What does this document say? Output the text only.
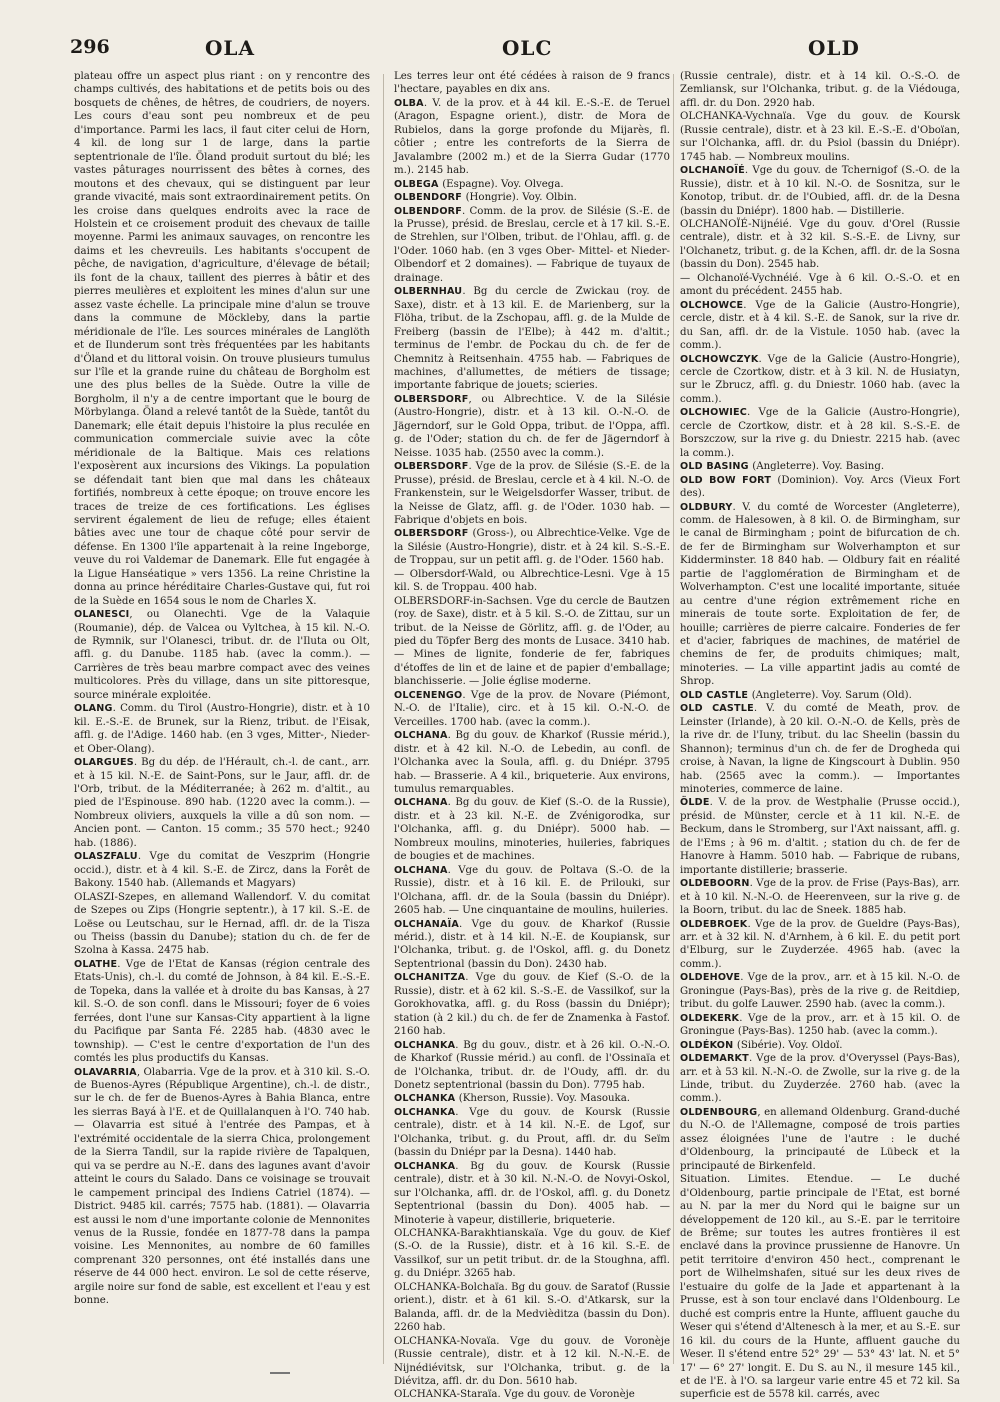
296	OLA	OLC	OLD

plateau offre un aspect plus riant : on y rencontre des champs cultivés, des habitations et de petits bois ou des bosquets de chênes, de hêtres, de coudriers, de noyers. Les cours d'eau sont peu nombreux et de peu d'importance. Parmi les lacs, il faut citer celui de Horn, 4 kil. de long sur 1 de large, dans la partie septentrionale de l'île. Öland produit surtout du blé; les vastes pâturages nourrissent des bêtes à cornes, des moutons et des chevaux, qui se distinguent par leur grande vivacité, mais sont extraordinairement petits. On les croise dans quelques endroits avec la race de Holstein et ce croisement produit des chevaux de taille moyenne. Parmi les animaux sauvages, on rencontre les daims et les chevreuils. Les habitants s'occupent de pêche, de navigation, d'agriculture, d'élevage de bétail; ils font de la chaux, taillent des pierres à bâtir et des pierres meulières et exploitent les mines d'alun sur une assez vaste échelle. La principale mine d'alun se trouve dans la commune de Möckleby, dans la partie méridionale de l'île. Les sources minérales de Langlöth et de Ilunderum sont très fréquentées par les habitants d'Öland et du littoral voisin. On trouve plusieurs tumulus sur l'île et la grande ruine du château de Borgholm est une des plus belles de la Suède. Outre la ville de Borgholm, il n'y a de centre important que le bourg de Mörbylanga. Öland a relevé tantôt de la Suède, tantôt du Danemark; elle était depuis l'histoire la plus reculée en communication commerciale suivie avec la côte méridionale de la Baltique. Mais ces relations l'exposèrent aux incursions des Vikings. La population se défendait tant bien que mal dans les châteaux fortifiés, nombreux à cette époque; on trouve encore les traces de treize de ces fortifications. Les églises servirent également de lieu de refuge; elles étaient bâties avec une tour de chaque côté pour servir de défense. En 1300 l'île appartenait à la reine Ingeborge, veuve du roi Valdemar de Danemark. Elle fut engagée à la Ligue Hanséatique » vers 1356. La reine Christine la donna au prince héréditaire Charles-Gustave qui, fut roi de la Suède en 1654 sous le nom de Charles X.

OLANESCI, ou Olanechti. Vge de la Valaquie (Roumanie), dép. de Valcea ou Vyltchea, à 15 kil. N.-O. de Rymnik, sur l'Olanesci, tribut. dr. de l'Iluta ou Olt, affl. g. du Danube. 1185 hab. (avec la comm.). — Carrières de très beau marbre compact avec des veines multicolores. Près du village, dans un site pittoresque, source minérale exploitée.

OLANG. Comm. du Tirol (Austro-Hongrie), distr. et à 10 kil. E.-S.-E. de Brunek, sur la Rienz, tribut. de l'Eisak, affl. g. de l'Adige. 1460 hab. (en 3 vges, Mitter-, Nieder- et Ober-Olang).

OLARGUES. Bg du dép. de l'Hérault, ch.-l. de cant., arr. et à 15 kil. N.-E. de Saint-Pons, sur le Jaur, affl. dr. de l'Orb, tribut. de la Méditerranée; à 262 m. d'altit., au pied de l'Espinouse. 890 hab. (1220 avec la comm.). — Nombreux oliviers, auxquels la ville a dû son nom. — Ancien pont. — Canton. 15 comm.; 35 570 hect.; 9240 hab. (1886).

OLASZFALU. Vge du comitat de Veszprim (Hongrie occid.), distr. et à 4 kil. S.-E. de Zircz, dans la Forêt de Bakony. 1540 hab. (Allemands et Magyars)

OLASZI-Szepes, en allemand Wallendorf. V. du comitat de Szepes ou Zips (Hongrie septentr.), à 17 kil. S.-E. de Loëse ou Leutschau, sur le Hernad, affl. dr. de la Tisza ou Theiss (bassin du Danube); station du ch. de fer de Szolna à Kassa. 2475 hab.

OLATHE. Vge de l'Etat de Kansas (région centrale des Etats-Unis), ch.-l. du comté de Johnson, à 84 kil. E.-S.-E. de Topeka, dans la vallée et à droite du bas Kansas, à 27 kil. S.-O. de son confl. dans le Missouri; foyer de 6 voies ferrées, dont l'une sur Kansas-City appartient à la ligne du Pacifique par Santa Fé. 2285 hab. (4830 avec le township). — C'est le centre d'exportation de l'un des comtés les plus productifs du Kansas.

OLAVARRIA, Olabarria. Vge de la prov. et à 310 kil. S.-O. de Buenos-Ayres (République Argentine), ch.-l. de distr., sur le ch. de fer de Buenos-Ayres à Bahia Blanca, entre les sierras Bayá à l'E. et de Quillalanquen à l'O. 740 hab. — Olavarria est situé à l'entrée des Pampas, et à l'extrémité occidentale de la sierra Chica, prolongement de la Sierra Tandil, sur la rapide rivière de Tapalquen, qui va se perdre au N.-E. dans des lagunes avant d'avoir atteint le cours du Salado. Dans ce voisinage se trouvait le campement principal des Indiens Catriel (1874). — District. 9485 kil. carrés; 7575 hab. (1881). — Olavarria est aussi le nom d'une importante colonie de Mennonites venus de la Russie, fondée en 1877-78 dans la pampa voisine. Les Mennonites, au nombre de 60 familles comprenant 320 personnes, ont été installés dans une réserve de 44 000 hect. environ. Le sol de cette réserve, argile noire sur fond de sable, est excellent et l'eau y est bonne.

Les terres leur ont été cédées à raison de 9 francs l'hectare, payables en dix ans.

OLBA. V. de la prov. et à 44 kil. E.-S.-E. de Teruel (Aragon, Espagne orient.), distr. de Mora de Rubielos, dans la gorge profonde du Mijarès, fl. côtier ; entre les contreforts de la Sierra de Javalambre (2002 m.) et de la Sierra Gudar (1770 m.). 2145 hab.

OLBEGA (Espagne). Voy. Olvega.

OLBENDORF (Hongrie). Voy. Olbin.

OLBENDORF. Comm. de la prov. de Silésie (S.-E. de la Prusse), présid. de Breslau, cercle et à 17 kil. S.-E. de Strehlen, sur l'Olben, tribut. de l'Ohlau, affl. g. de l'Oder. 1060 hab. (en 3 vges Ober- Mittel- et Nieder-Olbendorf et 2 domaines). — Fabrique de tuyaux de drainage.

OLBERNHAU. Bg du cercle de Zwickau (roy. de Saxe), distr. et à 13 kil. E. de Marienberg, sur la Flöha, tribut. de la Zschopau, affl. g. de la Mulde de Freiberg (bassin de l'Elbe); à 442 m. d'altit.; terminus de l'embr. de Pockau du ch. de fer de Chemnitz à Reitsenhain. 4755 hab. — Fabriques de machines, d'allumettes, de métiers de tissage; importante fabrique de jouets; scieries.

OLBERSDORF, ou Albrechtice. V. de la Silésie (Austro-Hongrie), distr. et à 13 kil. O.-N.-O. de Jägerndorf, sur le Gold Oppa, tribut. de l'Oppa, affl. g. de l'Oder; station du ch. de fer de Jägerndorf à Neisse. 1035 hab. (2550 avec la comm.).

OLBERSDORF. Vge de la prov. de Silésie (S.-E. de la Prusse), présid. de Breslau, cercle et à 4 kil. N.-O. de Frankenstein, sur le Weigelsdorfer Wasser, tribut. de la Neisse de Glatz, affl. g. de l'Oder. 1030 hab. — Fabrique d'objets en bois.

OLBERSDORF (Gross-), ou Albrechtice-Velke. Vge de la Silésie (Austro-Hongrie), distr. et à 24 kil. S.-S.-E. de Troppau, sur un petit affl. g. de l'Oder. 1560 hab.

— Olbersdorf-Wald, ou Albrechtice-Lesni. Vge à 15 kil. S. de Troppau. 400 hab.

OLBERSDORF-in-Sachsen. Vge du cercle de Bautzen (roy. de Saxe), distr. et à 5 kil. S.-O. de Zittau, sur un tribut. de la Neisse de Görlitz, affl. g. de l'Oder, au pied du Töpfer Berg des monts de Lusace. 3410 hab. — Mines de lignite, fonderie de fer, fabriques d'étoffes de lin et de laine et de papier d'emballage; blanchisserie. — Jolie église moderne.

OLCENENGO. Vge de la prov. de Novare (Piémont, N.-O. de l'Italie), circ. et à 15 kil. O.-N.-O. de Verceilles. 1700 hab. (avec la comm.).

OLCHANA. Bg du gouv. de Kharkof (Russie mérid.), distr. et à 42 kil. N.-O. de Lebedin, au confl. de l'Olchanka avec la Soula, affl. g. du Dniépr. 3795 hab. — Brasserie. A 4 kil., briqueterie. Aux environs, tumulus remarquables.

OLCHANA. Bg du gouv. de Kief (S.-O. de la Russie), distr. et à 23 kil. N.-E. de Zvénigorodka, sur l'Olchanka, affl. g. du Dniépr). 5000 hab. — Nombreux moulins, minoteries, huileries, fabriques de bougies et de machines.

OLCHANA. Vge du gouv. de Poltava (S.-O. de la Russie), distr. et à 16 kil. E. de Prilouki, sur l'Olchana, affl. dr. de la Soula (bassin du Dniépr). 2605 hab. — Une cinquantaine de moulins, huileries.

OLCHANAÏA. Vge du gouv. de Kharkof (Russie mérid.), distr. et à 14 kil. N.-E. de Koupiansk, sur l'Olchanka, tribut. g. de l'Oskol, affl. g. du Donetz Septentrional (bassin du Don). 2430 hab.

OLCHANITZA. Vge du gouv. de Kief (S.-O. de la Russie), distr. et à 62 kil. S.-S.-E. de Vassilkof, sur la Gorokhovatka, affl. g. du Ross (bassin du Dniépr); station (à 2 kil.) du ch. de fer de Znamenka à Fastof. 2160 hab.

OLCHANKA. Bg du gouv., distr. et à 26 kil. O.-N.-O. de Kharkof (Russie mérid.) au confl. de l'Ossinaïa et de l'Olchanka, tribut. dr. de l'Oudy, affl. dr. du Donetz septentrional (bassin du Don). 7795 hab.

OLCHANKA (Kherson, Russie). Voy. Masouka.

OLCHANKA. Vge du gouv. de Koursk (Russie centrale), distr. et à 14 kil. N.-E. de Lgof, sur l'Olchanka, tribut. g. du Prout, affl. dr. du Seïm (bassin du Dniépr par la Desna). 1440 hab.

OLCHANKA. Bg du gouv. de Koursk (Russie centrale), distr. et à 30 kil. N.-N.-O. de Novyi-Oskol, sur l'Olchanka, affl. dr. de l'Oskol, affl. g. du Donetz Septentrional (bassin du Don). 4005 hab. — Minoterie à vapeur, distillerie, briqueterie.

OLCHANKA-Barakhtianskaïa. Vge du gouv. de Kief (S.-O. de la Russie), distr. et à 16 kil. S.-E. de Vassilkof, sur un petit tribut. dr. de la Stoughna, affl. g. du Dniépr. 3265 hab.

OLCHANKA-Bolchaïa. Bg du gouv. de Saratof (Russie orient.), distr. et à 61 kil. S.-O. d'Atkarsk, sur la Balanda, affl. dr. de la Medvièditza (bassin du Don). 2260 hab.

OLCHANKA-Novaïa. Vge du gouv. de Voronèje (Russie centrale), distr. et à 12 kil. N.-N.-E. de Nijnédiévitsk, sur l'Olchanka, tribut. g. de la Diévitza, affl. dr. du Don. 5610 hab.

OLCHANKA-Staraïa. Vge du gouv. de Voronèje

(Russie centrale), distr. et à 14 kil. O.-S.-O. de Zemliansk, sur l'Olchanka, tribut. g. de la Viédouga, affl. dr. du Don. 2920 hab.

OLCHANKA-Vychnaïa. Vge du gouv. de Koursk (Russie centrale), distr. et à 23 kil. E.-S.-E. d'Oboïan, sur l'Olchanka, affl. dr. du Psiol (bassin du Dniépr). 1745 hab. — Nombreux moulins.

OLCHANOÏÉ. Vge du gouv. de Tchernigof (S.-O. de la Russie), distr. et à 10 kil. N.-O. de Sosnitza, sur le Konotop, tribut. dr. de l'Oubied, affl. dr. de la Desna (bassin du Dniépr). 1800 hab. — Distillerie.

OLCHANOÏÉ-Nijnéié. Vge du gouv. d'Orel (Russie centrale), distr. et à 32 kil. S.-S.-E. de Livny, sur l'Olchanetz, tribut. g. de la Kchen, affl. dr. de la Sosna (bassin du Don). 2545 hab.

— Olchanoïé-Vychnéié. Vge à 6 kil. O.-S.-O. et en amont du précédent. 2455 hab.

OLCHOWCE. Vge de la Galicie (Austro-Hongrie), cercle, distr. et à 4 kil. S.-E. de Sanok, sur la rive dr. du San, affl. dr. de la Vistule. 1050 hab. (avec la comm.).

OLCHOWCZYK. Vge de la Galicie (Austro-Hongrie), cercle de Czortkow, distr. et à 3 kil. N. de Husiatyn, sur le Zbrucz, affl. g. du Dniestr. 1060 hab. (avec la comm.).

OLCHOWIEC. Vge de la Galicie (Austro-Hongrie), cercle de Czortkow, distr. et à 28 kil. S.-S.-E. de Borszczow, sur la rive g. du Dniestr. 2215 hab. (avec la comm.).

OLD BASING (Angleterre). Voy. Basing.

OLD BOW FORT (Dominion). Voy. Arcs (Vieux Fort des).

OLDBURY. V. du comté de Worcester (Angleterre), comm. de Halesowen, à 8 kil. O. de Birmingham, sur le canal de Birmingham ; point de bifurcation de ch. de fer de Birmingham sur Wolverhampton et sur Kidderminster. 18 840 hab. — Oldbury fait en réalité partie de l'agglomération de Birmingham et de Wolverhampton. C'est une localité importante, située au centre d'une région extrêmement riche en minerais de toute sorte. Exploitation de fer, de houille; carrières de pierre calcaire. Fonderies de fer et d'acier, fabriques de machines, de matériel de chemins de fer, de produits chimiques; malt, minoteries. — La ville appartint jadis au comté de Shrop.

OLD CASTLE (Angleterre). Voy. Sarum (Old).

OLD CASTLE. V. du comté de Meath, prov. de Leinster (Irlande), à 20 kil. O.-N.-O. de Kells, près de la rive dr. de l'Iuny, tribut. du lac Sheelin (bassin du Shannon); terminus d'un ch. de fer de Drogheda qui croise, à Navan, la ligne de Kingscourt à Dublin. 950 hab. (2565 avec la comm.). — Importantes minoteries, commerce de laine.

ÖLDE. V. de la prov. de Westphalie (Prusse occid.), présid. de Münster, cercle et à 11 kil. N.-E. de Beckum, dans le Stromberg, sur l'Axt naissant, affl. g. de l'Ems ; à 96 m. d'altit. ; station du ch. de fer de Hanovre à Hamm. 5010 hab. — Fabrique de rubans, importante distillerie; brasserie.

OLDEBOORN. Vge de la prov. de Frise (Pays-Bas), arr. et à 10 kil. N.-N.-O. de Heerenveen, sur la rive g. de la Boorn, tribut. du lac de Sneek. 1885 hab.

OLDEBROEK. Vge de la prov. de Gueldre (Pays-Bas), arr. et à 32 kil. N. d'Arnhem, à 6 kil. E. du petit port d'Elburg, sur le Zuyderzée. 4965 hab. (avec la comm.).

OLDEHOVE. Vge de la prov., arr. et à 15 kil. N.-O. de Groningue (Pays-Bas), près de la rive g. de Reitdiep, tribut. du golfe Lauwer. 2590 hab. (avec la comm.).

OLDEKERK. Vge de la prov., arr. et à 15 kil. O. de Groningue (Pays-Bas). 1250 hab. (avec la comm.).

OLDÉKON (Sibérie). Voy. Oldoï.

OLDEMARKT. Vge de la prov. d'Overyssel (Pays-Bas), arr. et à 53 kil. N.-N.-O. de Zwolle, sur la rive g. de la Linde, tribut. du Zuyderzée. 2760 hab. (avec la comm.).

OLDENBOURG, en allemand Oldenburg. Grand-duché du N.-O. de l'Allemagne, composé de trois parties assez éloignées l'une de l'autre : le duché d'Oldenbourg, la principauté de Lübeck et la principauté de Birkenfeld.

Situation. Limites. Etendue. — Le duché d'Oldenbourg, partie principale de l'Etat, est borné au N. par la mer du Nord qui le baigne sur un développement de 120 kil., au S.-E. par le territoire de Brême; sur toutes les autres frontières il est enclavé dans la province prussienne de Hanovre. Un petit territoire d'environ 450 hect., comprenant le port de Wilhelmshafen, situé sur les deux rives de l'estuaire du golfe de la Jade et appartenant à la Prusse, est à son tour enclavé dans l'Oldenbourg. Le duché est compris entre la Hunte, affluent gauche du Weser qui s'étend d'Altenesch à la mer, et au S.-E. sur 16 kil. du cours de la Hunte, affluent gauche du Weser. Il s'étend entre 52° 29' — 53° 43' lat. N. et 5° 17' — 6° 27' longit. E. Du S. au N., il mesure 145 kil., et de l'E. à l'O. sa largeur varie entre 45 et 72 kil. Sa superficie est de 5578 kil. carrés, avec
